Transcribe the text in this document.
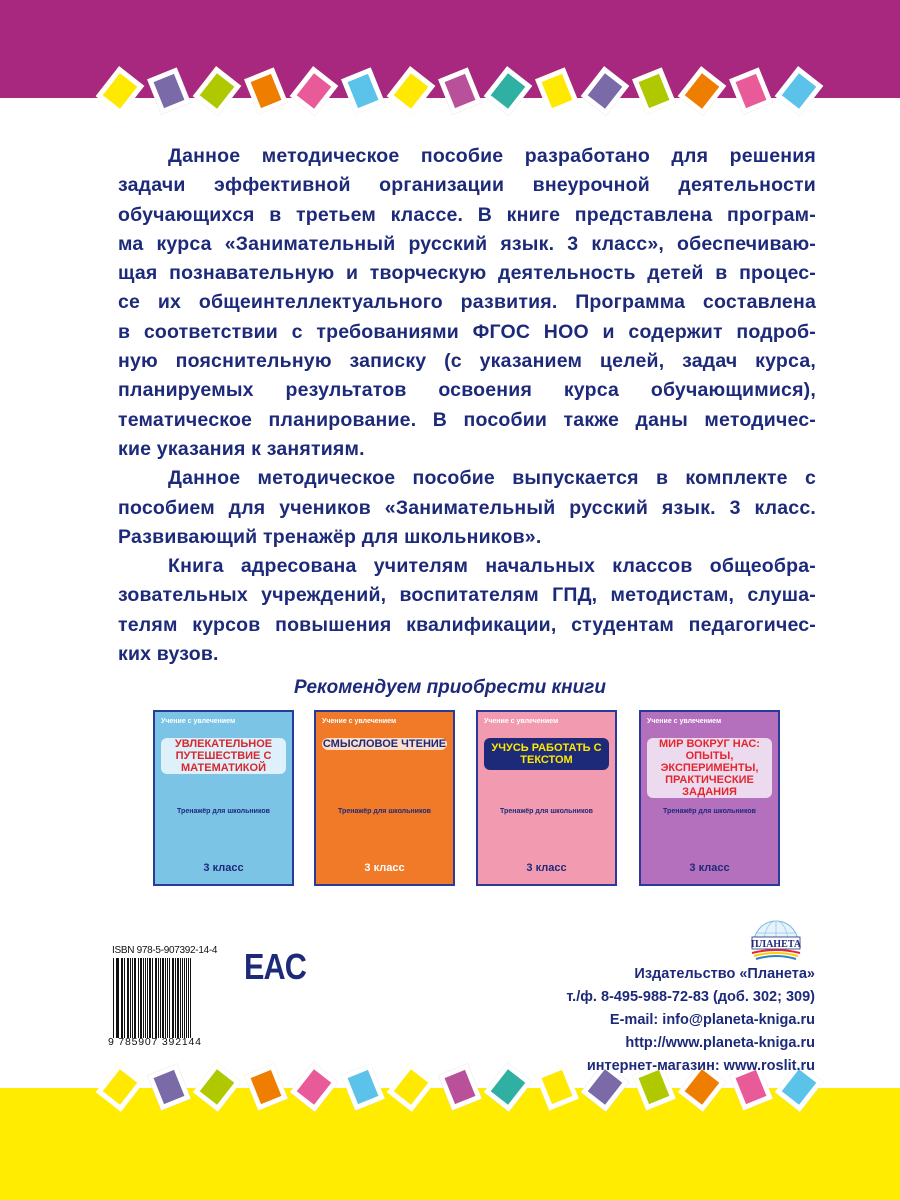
Данное методическое пособие разработано для решения
задачи эффективной организации внеурочной деятельности
обучающихся в третьем классе. В книге представлена програм-
ма курса «Занимательный русский язык. 3 класс», обеспечиваю-
щая познавательную и творческую деятельность детей в процес-
се их общеинтеллектуального развития. Программа составлена
в соответствии с требованиями ФГОС НОО и содержит подроб-
ную пояснительную записку (с указанием целей, задач курса,
планируемых результатов освоения курса обучающимися),
тематическое планирование. В пособии также даны методичес-
кие указания к занятиям.
Данное методическое пособие выпускается в комплекте с
пособием для учеников «Занимательный русский язык. 3 класс.
Развивающий тренажёр для школьников».
Книга адресована учителям начальных классов общеобра-
зовательных учреждений, воспитателям ГПД, методистам, слуша-
телям курсов повышения квалификации, студентам педагогичес-
ких вузов.
Рекомендуем приобрести книги
Учение с увлечением
УВЛЕКАТЕЛЬНОЕ ПУТЕШЕСТВИЕ С МАТЕМАТИКОЙ
Тренажёр для школьников
3 класс
Учение с увлечением
СМЫСЛОВОЕ ЧТЕНИЕ
Тренажёр для школьников
3 класс
Учение с увлечением
УЧУСЬ РАБОТАТЬ С ТЕКСТОМ
Тренажёр для школьников
3 класс
Учение с увлечением
МИР ВОКРУГ НАС: ОПЫТЫ, ЭКСПЕРИМЕНТЫ, ПРАКТИЧЕСКИЕ ЗАДАНИЯ
Тренажёр для школьников
3 класс
ISBN 978-5-907392-14-4
9 785907 392144
EAC
ПЛАНЕТА
Издательство «Планета»
т./ф. 8-495-988-72-83 (доб. 302; 309)
E-mail: info@planeta-kniga.ru
http://www.planeta-kniga.ru
интернет-магазин: www.roslit.ru
